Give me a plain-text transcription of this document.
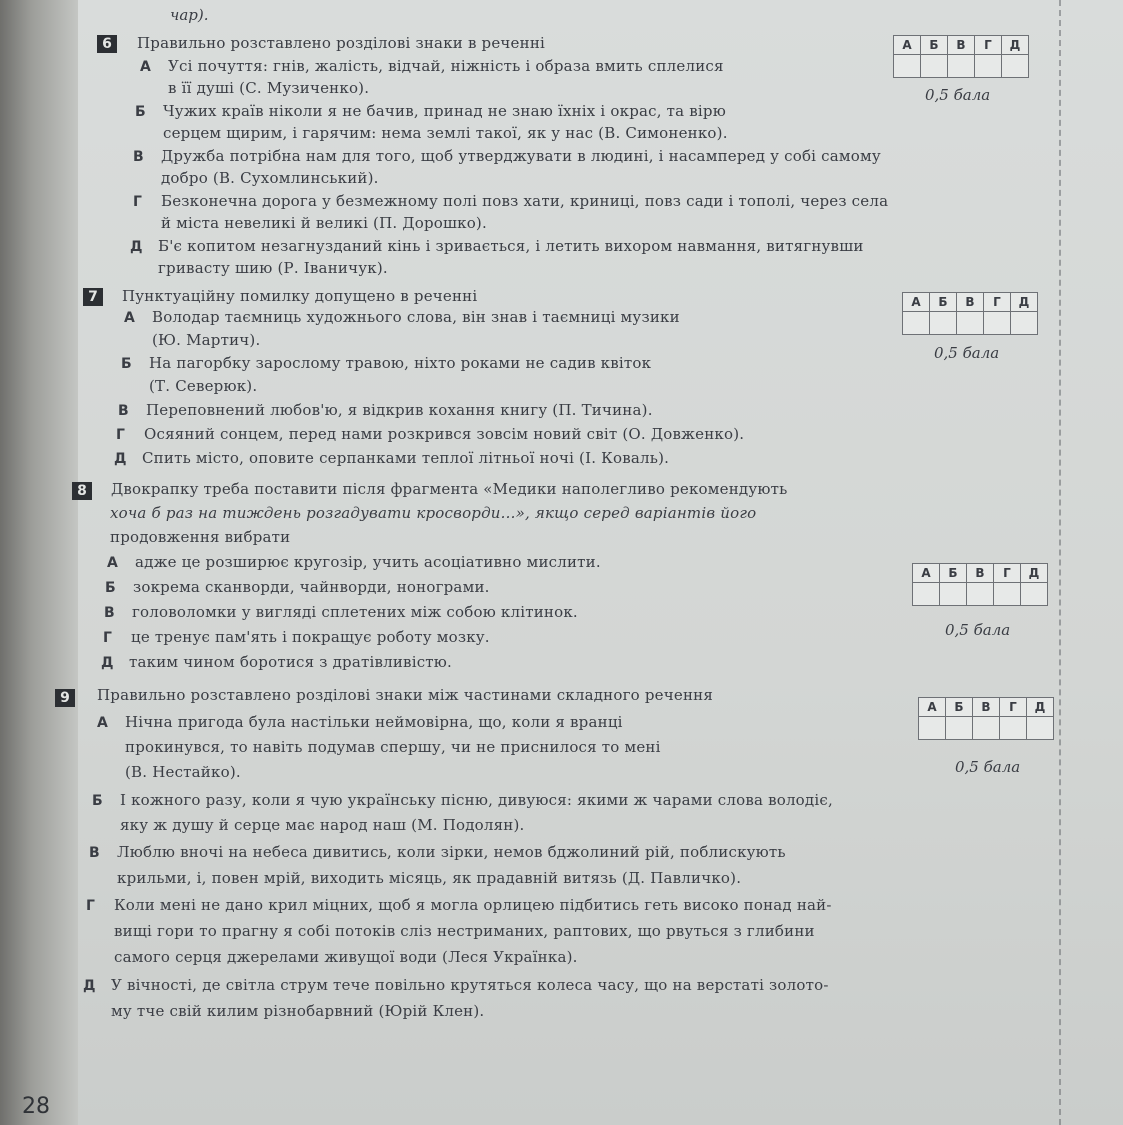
чар).
6	Правильно розставлено розділові знаки в реченні	А	Б	В	Г	Д

0,5 бала
А Усі почуття: гнів, жалість, відчай, ніжність і образа вмить сплелися
в її душі (С. Музиченко).
Б Чужих країв ніколи я не бачив, принад не знаю їхніх і окрас, та вірю
серцем щирим, і гарячим: нема землі такої, як у нас (В. Симоненко).
В Дружба потрібна нам для того, щоб утверджувати в людині, і насамперед у собі самому
добро (В. Сухомлинський).
Г Безконечна дорога у безмежному полі повз хати, криниці, повз сади і тополі, через села
й міста невеликі й великі (П. Дорошко).
Д Б'є копитом незагнузданий кінь і зривається, і летить вихором навмання, витягнувши
гривасту шию (Р. Іваничук).
7	Пунктуаційну помилку допущено в реченні	А	Б	В	Г	Д

0,5 бала
А Володар таємниць художнього слова, він знав і таємниці музики
(Ю. Мартич).
Б На пагорбку зарослому травою, ніхто роками не садив квіток
(Т. Северюк).
В Переповнений любов'ю, я відкрив кохання книгу (П. Тичина).
Г Осяяний сонцем, перед нами розкрився зовсім новий світ (О. Довженко).
Д Спить місто, оповите серпанками теплої літньої ночі (І. Коваль).
8	Двокрапку треба поставити після фрагмента «Медики наполегливо рекомендують
хоча б раз на тиждень розгадувати кросворди...», якщо серед варіантів його
продовження вибрати
А	Б	В	Г	Д

0,5 бала
А адже це розширює кругозір, учить асоціативно мислити.
Б зокрема сканворди, чайнворди, нонограми.
В головоломки у вигляді сплетених між собою клітинок.
Г це тренує пам'ять і покращує роботу мозку.
Д таким чином боротися з дратівливістю.
9	Правильно розставлено розділові знаки між частинами складного речення
А	Б	В	Г	Д

0,5 бала
А Нічна пригода була настільки неймовірна, що, коли я вранці
прокинувся, то навіть подумав спершу, чи не приснилося то мені
(В. Нестайко).
Б І кожного разу, коли я чую українську пісню, дивуюся: якими ж чарами слова володіє,
яку ж душу й серце має народ наш (М. Подолян).
В Люблю вночі на небеса дивитись, коли зірки, немов бджолиний рій, поблискують
крильми, і, повен мрій, виходить місяць, як прадавній витязь (Д. Павличко).
Г Коли мені не дано крил міцних, щоб я могла орлицею підбитись геть високо понад най-
вищі гори то прагну я собі потоків сліз нестриманих, раптових, що рвуться з глибини
самого серця джерелами живущої води (Леся Українка).
Д У вічності, де світла струм тече повільно крутяться колеса часу, що на верстаті золото-
му тче свій килим різнобарвний (Юрій Клен).
28
